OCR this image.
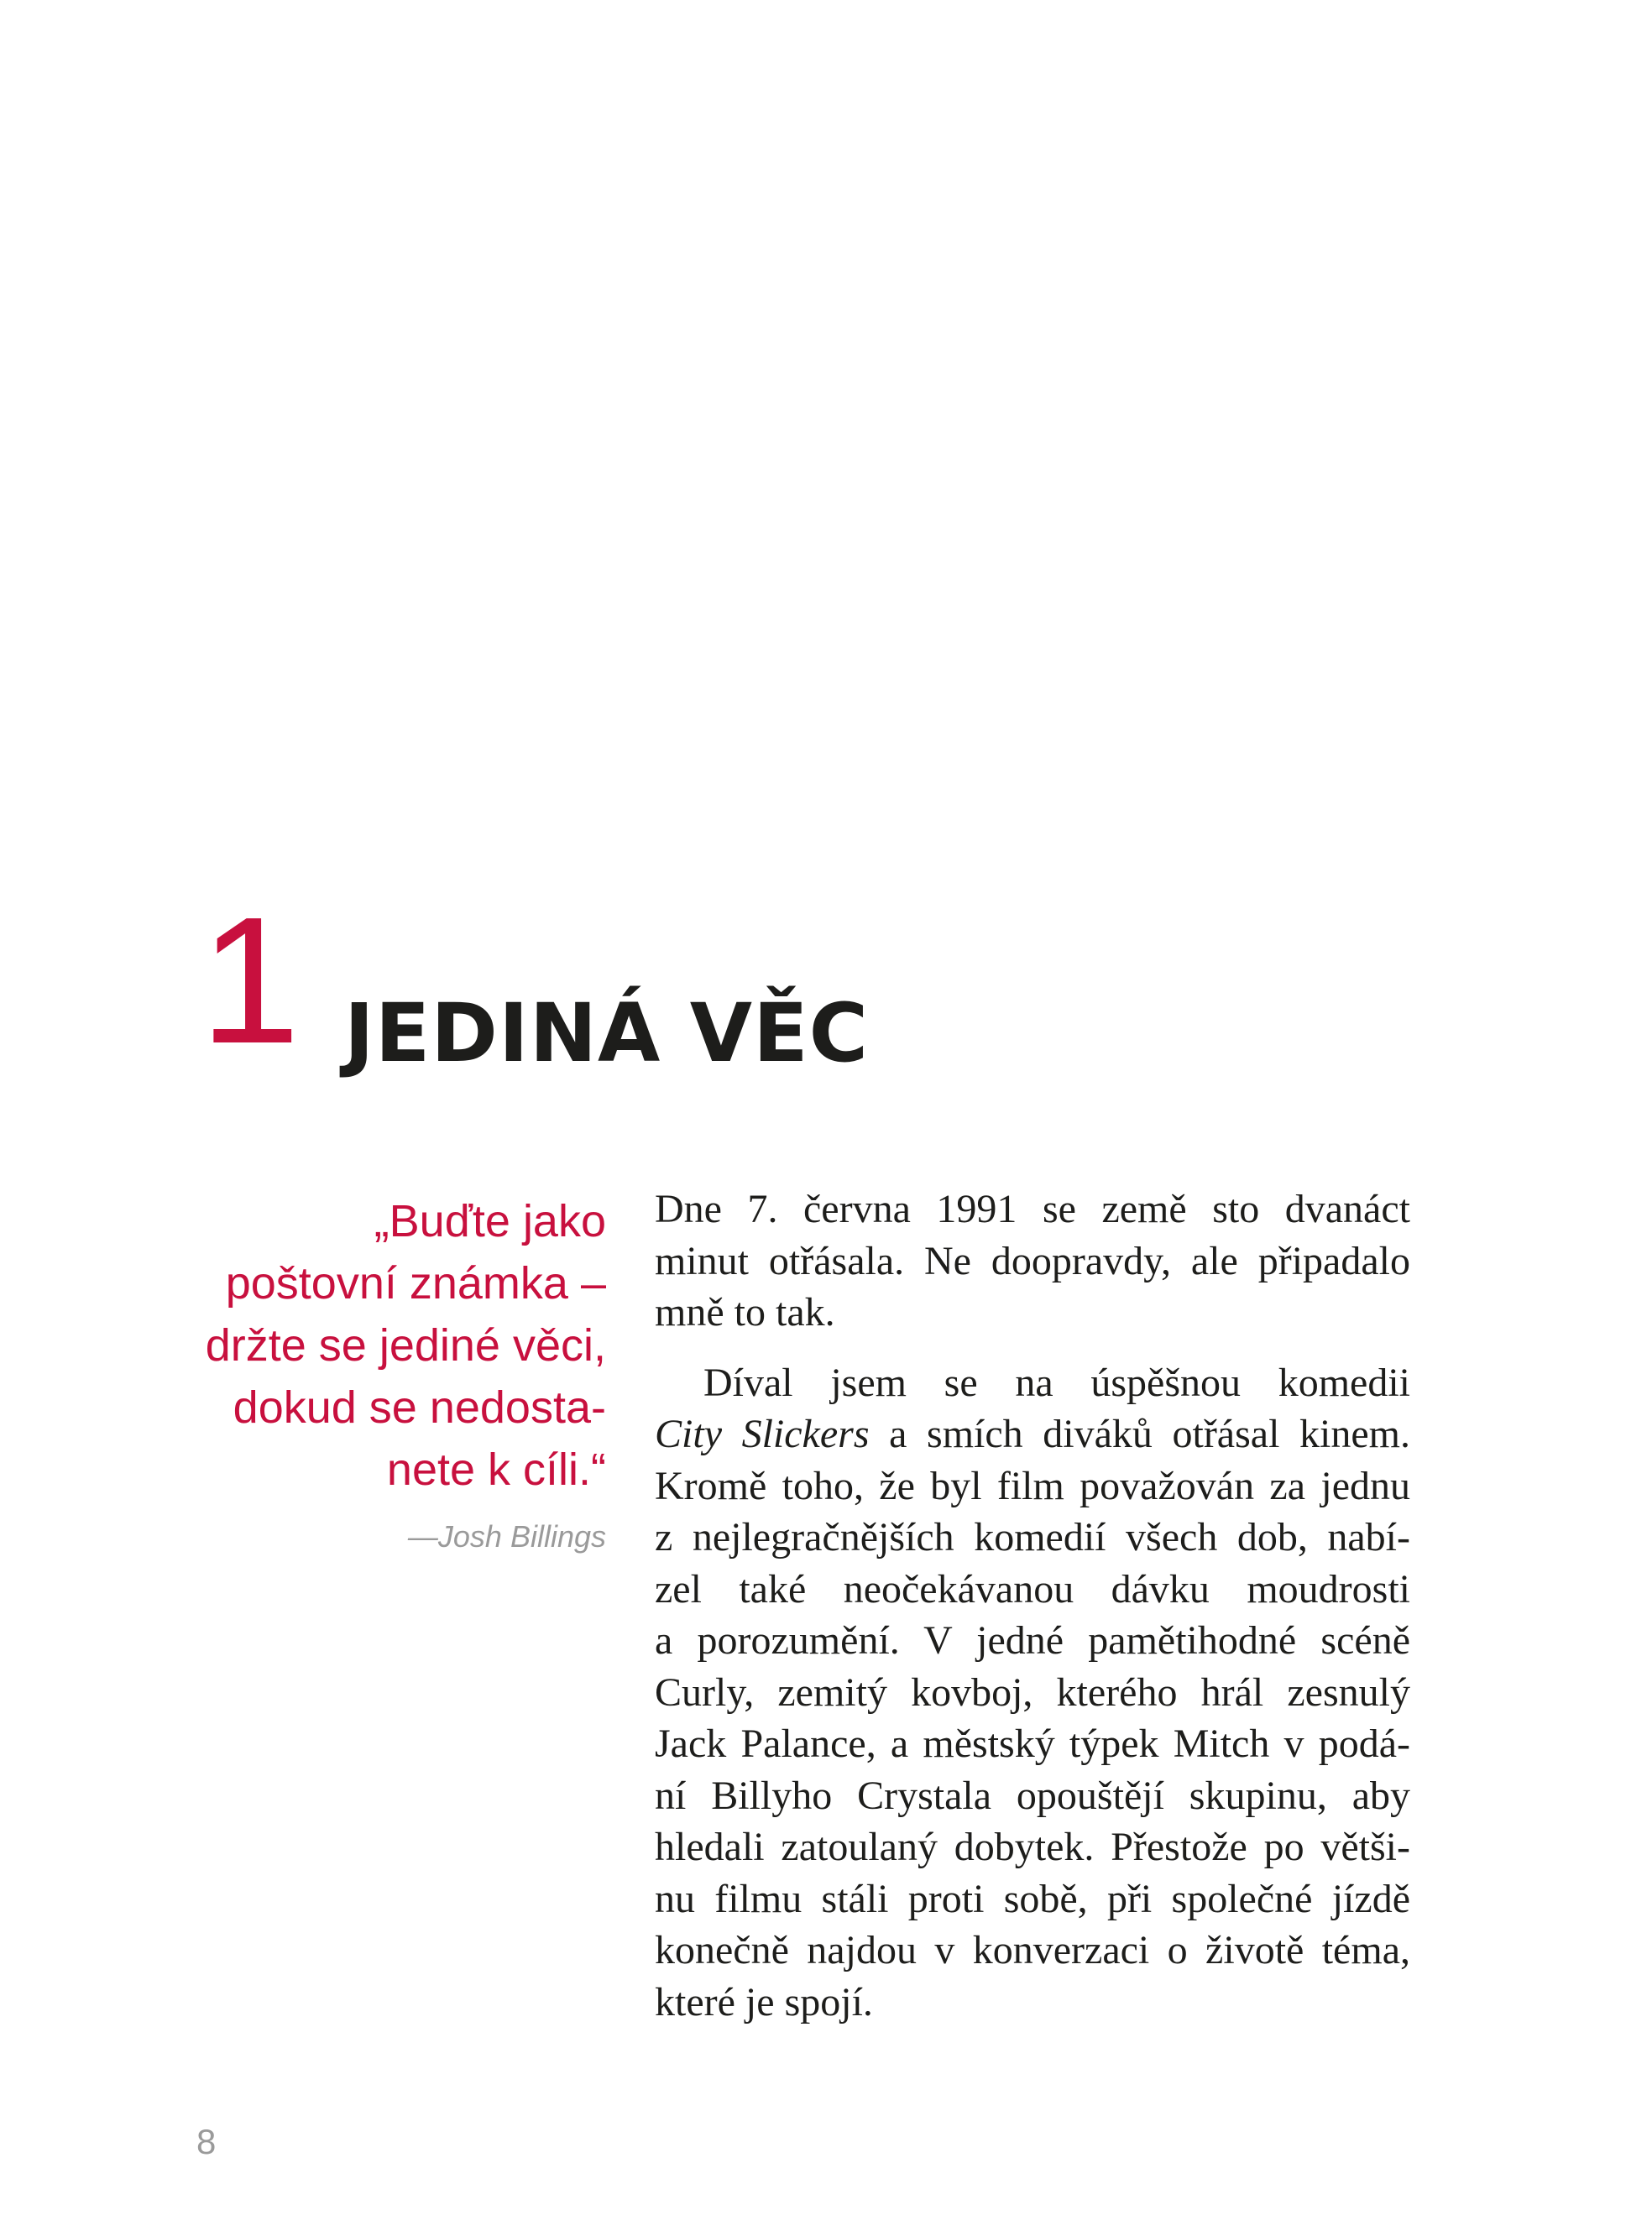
1 JEDINÁ VĚC
„Buďte jako
poštovní známka –
držte se jediné věci,
dokud se nedosta-
nete k cíli.“
—Josh Billings

Dne 7. června 1991 se země sto dvanáct
minut otřásala. Ne doopravdy, ale připadalo
mně to tak.

Díval jsem se na úspěšnou komedii
City Slickers a smích diváků otřásal kinem.
Kromě toho, že byl film považován za jednu
z nejlegračnějších komedií všech dob, nabí-
zel také neočekávanou dávku moudrosti
a porozumění. V jedné pamětihodné scéně
Curly, zemitý kovboj, kterého hrál zesnulý
Jack Palance, a městský týpek Mitch v podá-
ní Billyho Crystala opouštějí skupinu, aby
hledali zatoulaný dobytek. Přestože po větši-
nu filmu stáli proti sobě, při společné jízdě
konečně najdou v konverzaci o životě téma,
které je spojí.

8
